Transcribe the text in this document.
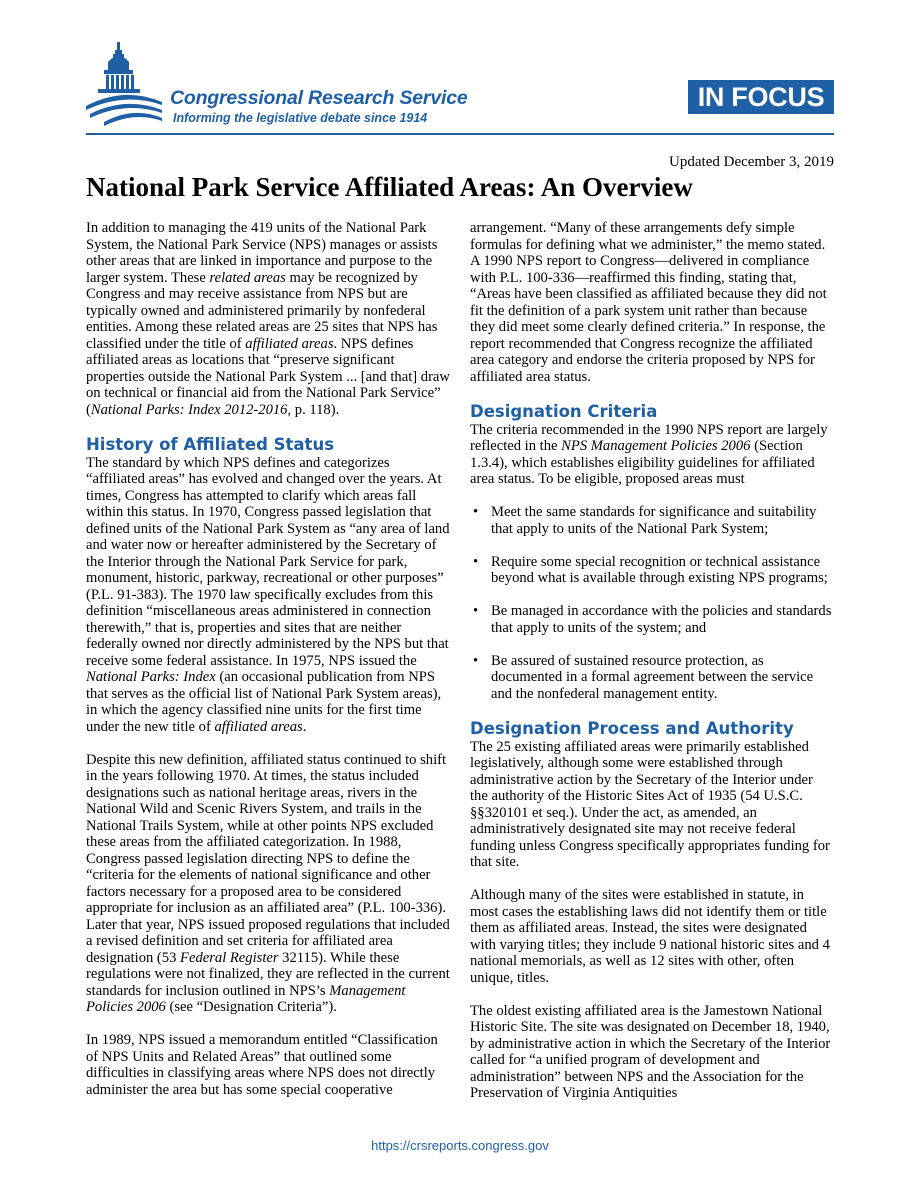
Congressional Research Service
Informing the legislative debate since 1914
IN FOCUS
Updated December 3, 2019
National Park Service Affiliated Areas: An Overview

In addition to managing the 419 units of the National Park System, the National Park Service (NPS) manages or assists other areas that are linked in importance and purpose to the larger system. These related areas may be recognized by Congress and may receive assistance from NPS but are typically owned and administered primarily by nonfederal entities. Among these related areas are 25 sites that NPS has classified under the title of affiliated areas. NPS defines affiliated areas as locations that “preserve significant properties outside the National Park System ... [and that] draw on technical or financial aid from the National Park Service” (National Parks: Index 2012-2016, p. 118).

History of Affiliated Status

The standard by which NPS defines and categorizes “affiliated areas” has evolved and changed over the years. At times, Congress has attempted to clarify which areas fall within this status. In 1970, Congress passed legislation that defined units of the National Park System as “any area of land and water now or hereafter administered by the Secretary of the Interior through the National Park Service for park, monument, historic, parkway, recreational or other purposes” (P.L. 91-383). The 1970 law specifically excludes from this definition “miscellaneous areas administered in connection therewith,” that is, properties and sites that are neither federally owned nor directly administered by the NPS but that receive some federal assistance. In 1975, NPS issued the National Parks: Index (an occasional publication from NPS that serves as the official list of National Park System areas), in which the agency classified nine units for the first time under the new title of affiliated areas.

Despite this new definition, affiliated status continued to shift in the years following 1970. At times, the status included designations such as national heritage areas, rivers in the National Wild and Scenic Rivers System, and trails in the National Trails System, while at other points NPS excluded these areas from the affiliated categorization. In 1988, Congress passed legislation directing NPS to define the “criteria for the elements of national significance and other factors necessary for a proposed area to be considered appropriate for inclusion as an affiliated area” (P.L. 100-336). Later that year, NPS issued proposed regulations that included a revised definition and set criteria for affiliated area designation (53 Federal Register 32115). While these regulations were not finalized, they are reflected in the current standards for inclusion outlined in NPS’s Management Policies 2006 (see “Designation Criteria”).

In 1989, NPS issued a memorandum entitled “Classification of NPS Units and Related Areas” that outlined some difficulties in classifying areas where NPS does not directly administer the area but has some special cooperative

arrangement. “Many of these arrangements defy simple formulas for defining what we administer,” the memo stated. A 1990 NPS report to Congress—delivered in compliance with P.L. 100-336—reaffirmed this finding, stating that, “Areas have been classified as affiliated because they did not fit the definition of a park system unit rather than because they did meet some clearly defined criteria.” In response, the report recommended that Congress recognize the affiliated area category and endorse the criteria proposed by NPS for affiliated area status.

Designation Criteria

The criteria recommended in the 1990 NPS report are largely reflected in the NPS Management Policies 2006 (Section 1.3.4), which establishes eligibility guidelines for affiliated area status. To be eligible, proposed areas must

• Meet the same standards for significance and suitability that apply to units of the National Park System;
• Require some special recognition or technical assistance beyond what is available through existing NPS programs;
• Be managed in accordance with the policies and standards that apply to units of the system; and
• Be assured of sustained resource protection, as documented in a formal agreement between the service and the nonfederal management entity.
Designation Process and Authority

The 25 existing affiliated areas were primarily established legislatively, although some were established through administrative action by the Secretary of the Interior under the authority of the Historic Sites Act of 1935 (54 U.S.C. §§320101 et seq.). Under the act, as amended, an administratively designated site may not receive federal funding unless Congress specifically appropriates funding for that site.

Although many of the sites were established in statute, in most cases the establishing laws did not identify them or title them as affiliated areas. Instead, the sites were designated with varying titles; they include 9 national historic sites and 4 national memorials, as well as 12 sites with other, often unique, titles.

The oldest existing affiliated area is the Jamestown National Historic Site. The site was designated on December 18, 1940, by administrative action in which the Secretary of the Interior called for “a unified program of development and administration” between NPS and the Association for the Preservation of Virginia Antiquities

https://crsreports.congress.gov
